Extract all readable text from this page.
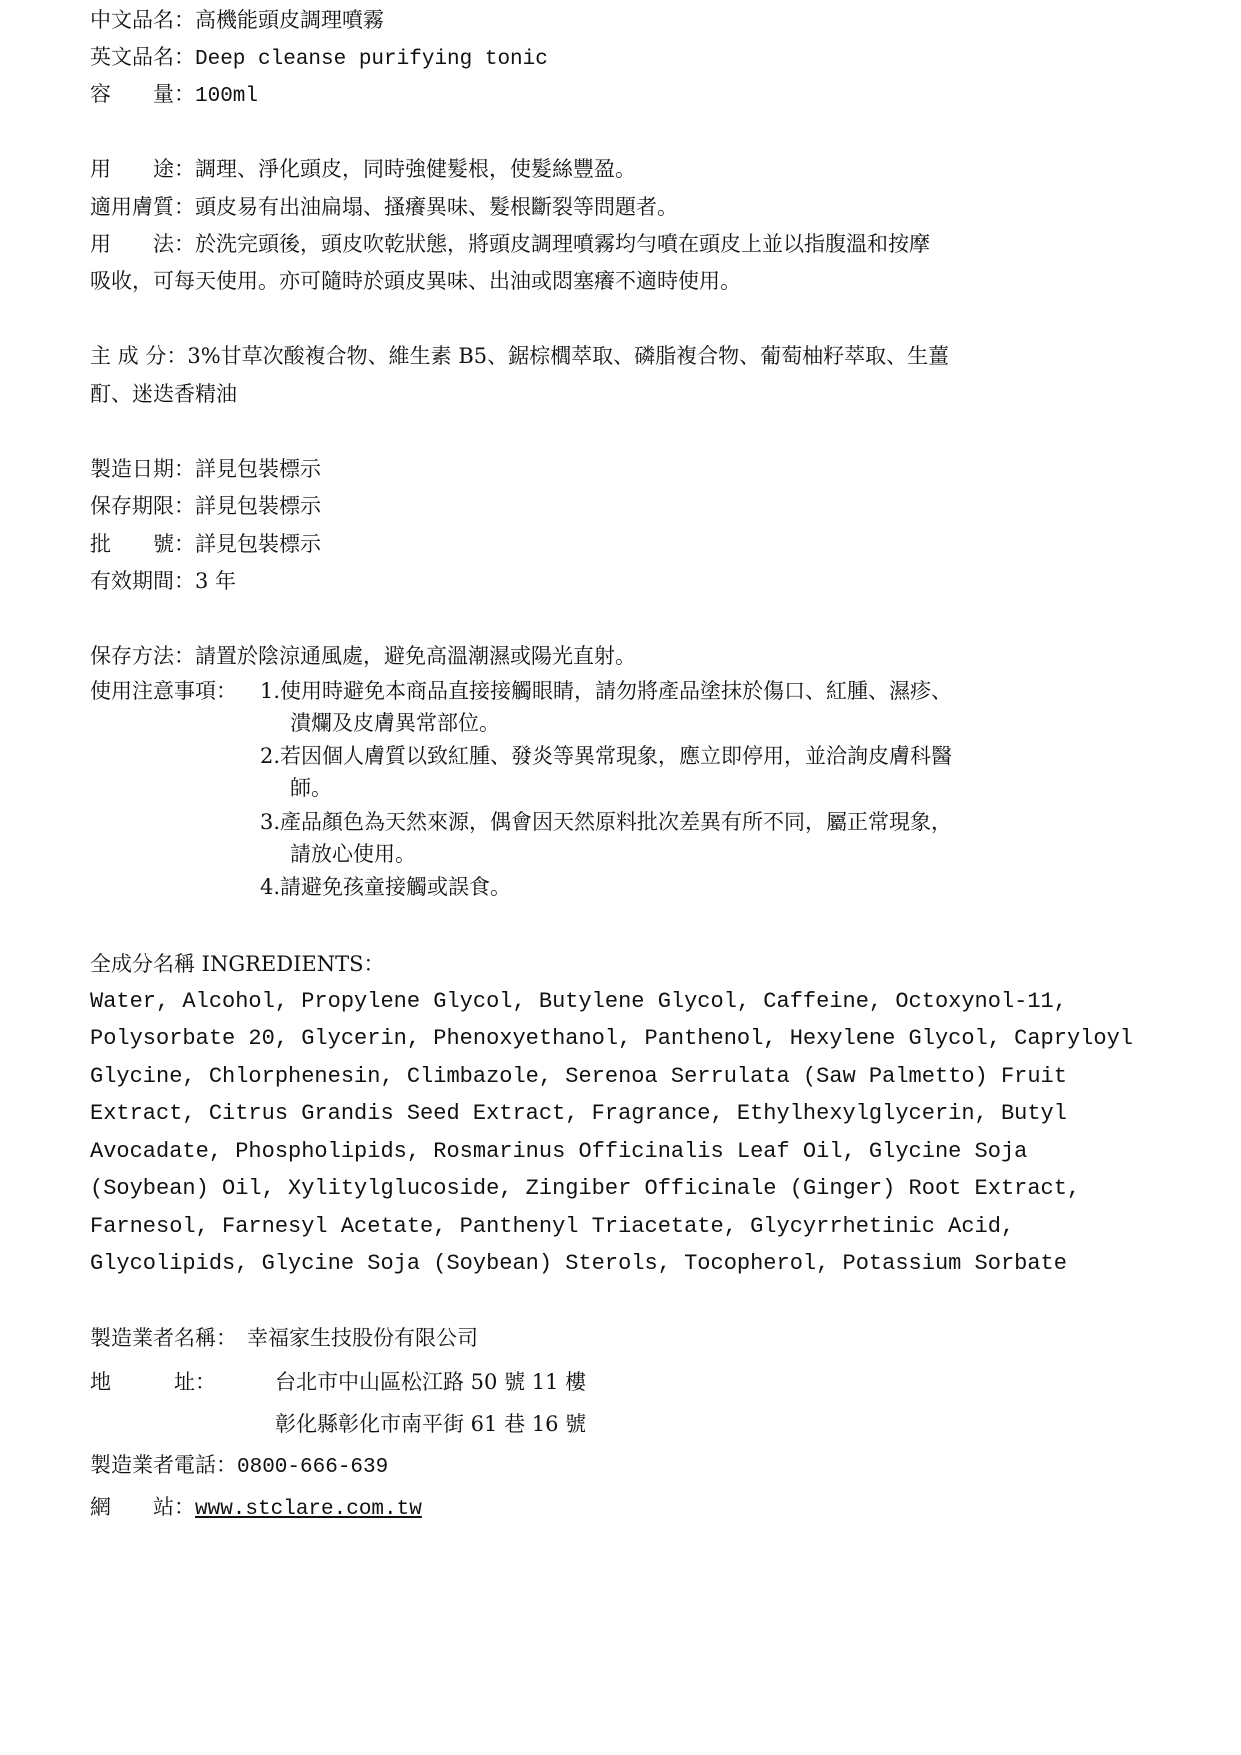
中文品名：高機能頭皮調理噴霧
英文品名：Deep cleanse purifying tonic
容　　量：100ml
用　　途：調理、淨化頭皮，同時強健髮根，使髮絲豐盈。
適用膚質：頭皮易有出油扁塌、搔癢異味、髮根斷裂等問題者。
用　　法：於洗完頭後，頭皮吹乾狀態，將頭皮調理噴霧均勻噴在頭皮上並以指腹溫和按摩
吸收，可每天使用。亦可隨時於頭皮異味、出油或悶塞癢不適時使用。
主 成 分：3%甘草次酸複合物、維生素 B5、鋸棕櫚萃取、磷脂複合物、葡萄柚籽萃取、生薑
酊、迷迭香精油
製造日期：詳見包裝標示
保存期限：詳見包裝標示
批　　號：詳見包裝標示
有效期間：3 年
保存方法：請置於陰涼通風處，避免高溫潮濕或陽光直射。
使用注意事項： 1.使用時避免本商品直接接觸眼睛，請勿將產品塗抹於傷口、紅腫、濕疹、
潰爛及皮膚異常部位。
2.若因個人膚質以致紅腫、發炎等異常現象，應立即停用，並洽詢皮膚科醫
師。
3.產品顏色為天然來源，偶會因天然原料批次差異有所不同，屬正常現象，
請放心使用。
4.請避免孩童接觸或誤食。
全成分名稱 INGREDIENTS：
Water, Alcohol, Propylene Glycol, Butylene Glycol, Caffeine, Octoxynol-11,
Polysorbate 20, Glycerin, Phenoxyethanol, Panthenol, Hexylene Glycol, Capryloyl
Glycine, Chlorphenesin, Climbazole, Serenoa Serrulata (Saw Palmetto) Fruit
Extract, Citrus Grandis Seed Extract, Fragrance, Ethylhexylglycerin, Butyl
Avocadate, Phospholipids, Rosmarinus Officinalis Leaf Oil, Glycine Soja
(Soybean) Oil, Xylitylglucoside, Zingiber Officinale (Ginger) Root Extract,
Farnesol, Farnesyl Acetate, Panthenyl Triacetate, Glycyrrhetinic Acid,
Glycolipids, Glycine Soja (Soybean) Sterols, Tocopherol, Potassium Sorbate
製造業者名稱： 幸福家生技股份有限公司
地　　　址：	台北市中山區松江路 50 號 11 樓
彰化縣彰化市南平街 61 巷 16 號
製造業者電話：0800-666-639
網　　站：www.stclare.com.tw
